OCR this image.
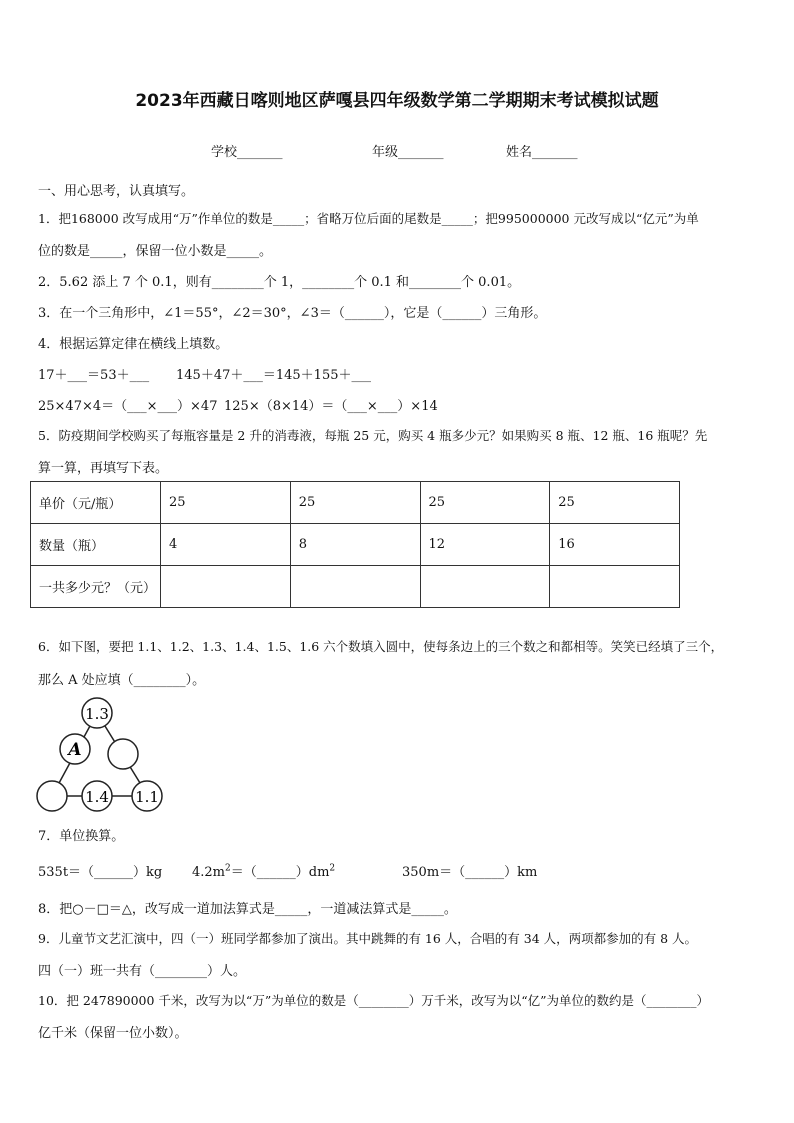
2023年西藏日喀则地区萨嘎县四年级数学第二学期期末考试模拟试题
学校_______	年级_______	姓名_______
一、用心思考，认真填写。
1．把168000 改写成用“万”作单位的数是_____；省略万位后面的尾数是_____；把995000000 元改写成以“亿元”为单
位的数是_____，保留一位小数是_____。
2．5.62 添上 7 个 0.1，则有________个 1，________个 0.1 和________个 0.01。
3．在一个三角形中，∠1＝55°，∠2＝30°，∠3＝（______），它是（______）三角形。
4．根据运算定律在横线上填数。
17＋___＝53＋___ 145＋47＋___＝145＋155＋___
25×47×4＝（___×___）×47 125×（8×14）＝（___×___）×14
5．防疫期间学校购买了每瓶容量是 2 升的消毒液，每瓶 25 元，购买 4 瓶多少元？如果购买 8 瓶、12 瓶、16 瓶呢？先
算一算，再填写下表。
单价（元/瓶）	25	25	25	25
数量（瓶）	4	8	12	16
一共多少元？（元）				
6．如下图，要把 1.1、1.2、1.3、1.4、1.5、1.6 六个数填入圆中，使每条边上的三个数之和都相等。笑笑已经填了三个，
那么 A 处应填（________）。
1.3
A
1.4 1.1
7．单位换算。
535t＝（______）kg $4.2m^2=(\_\_\_\_\_\_)dm^2$	350m＝（______）km
8．把○－□＝△，改写成一道加法算式是_____，一道减法算式是_____。
9．儿童节文艺汇演中，四（一）班同学都参加了演出。其中跳舞的有 16 人，合唱的有 34 人，两项都参加的有 8 人。
四（一）班一共有（________）人。
10．把 247890000 千米，改写为以“万”为单位的数是（________）万千米，改写为以“亿”为单位的数约是（________）
亿千米（保留一位小数）。
